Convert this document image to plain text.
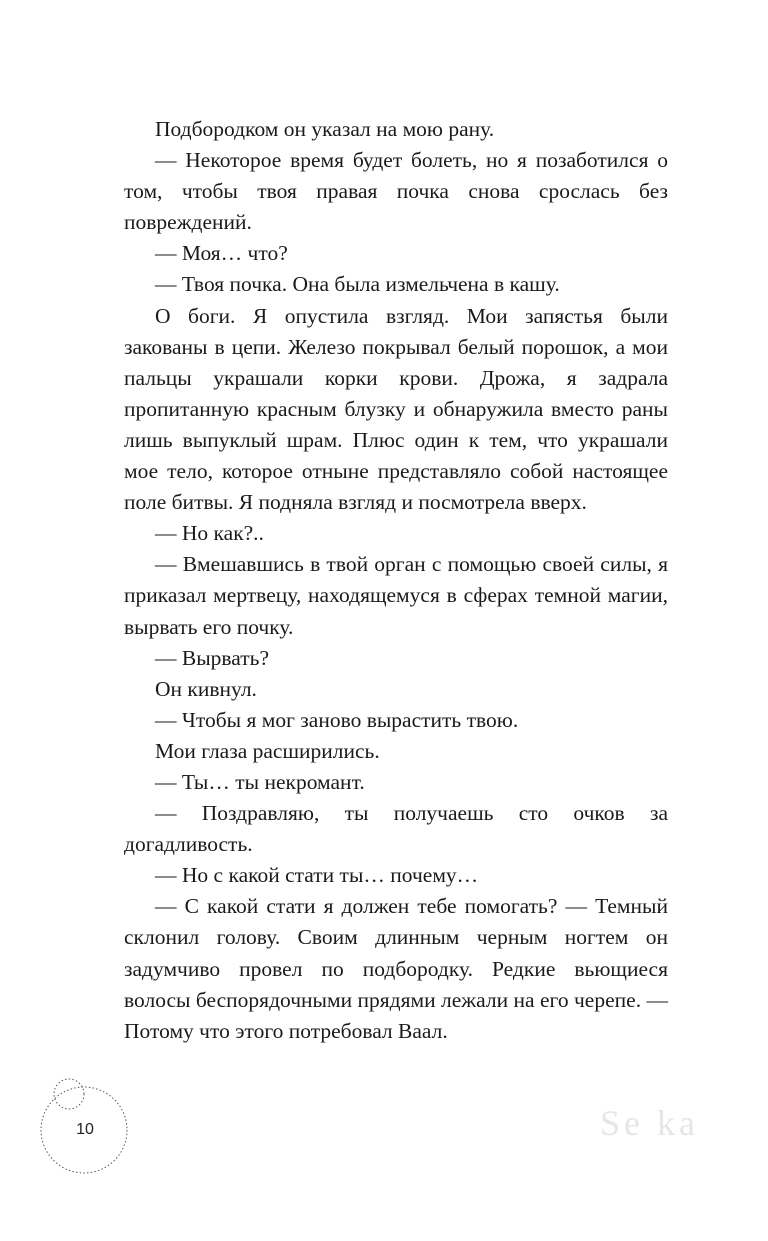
Подбородком он указал на мою рану.

— Некоторое время будет болеть, но я позаботился о том, чтобы твоя правая почка снова срослась без повреждений.

— Моя… что?

— Твоя почка. Она была измельчена в кашу.

О боги. Я опустила взгляд. Мои запястья были закованы в цепи. Железо покрывал белый порошок, а мои пальцы украшали корки крови. Дрожа, я задрала пропитанную красным блузку и обнаружила вместо раны лишь выпуклый шрам. Плюс один к тем, что украшали мое тело, которое отныне представляло собой настоящее поле битвы. Я подняла взгляд и посмотрела вверх.

— Но как?..

— Вмешавшись в твой орган с помощью своей силы, я приказал мертвецу, находящемуся в сферах темной магии, вырвать его почку.

— Вырвать?

Он кивнул.

— Чтобы я мог заново вырастить твою.

Мои глаза расширились.

— Ты… ты некромант.

— Поздравляю, ты получаешь сто очков за догадливость.

— Но с какой стати ты… почему…

— С какой стати я должен тебе помогать? — Темный склонил голову. Своим длинным черным ногтем он задумчиво провел по подбородку. Редкие вьющиеся волосы беспорядочными прядями лежали на его черепе. — Потому что этого потребовал Ваал.

10	Se ka
